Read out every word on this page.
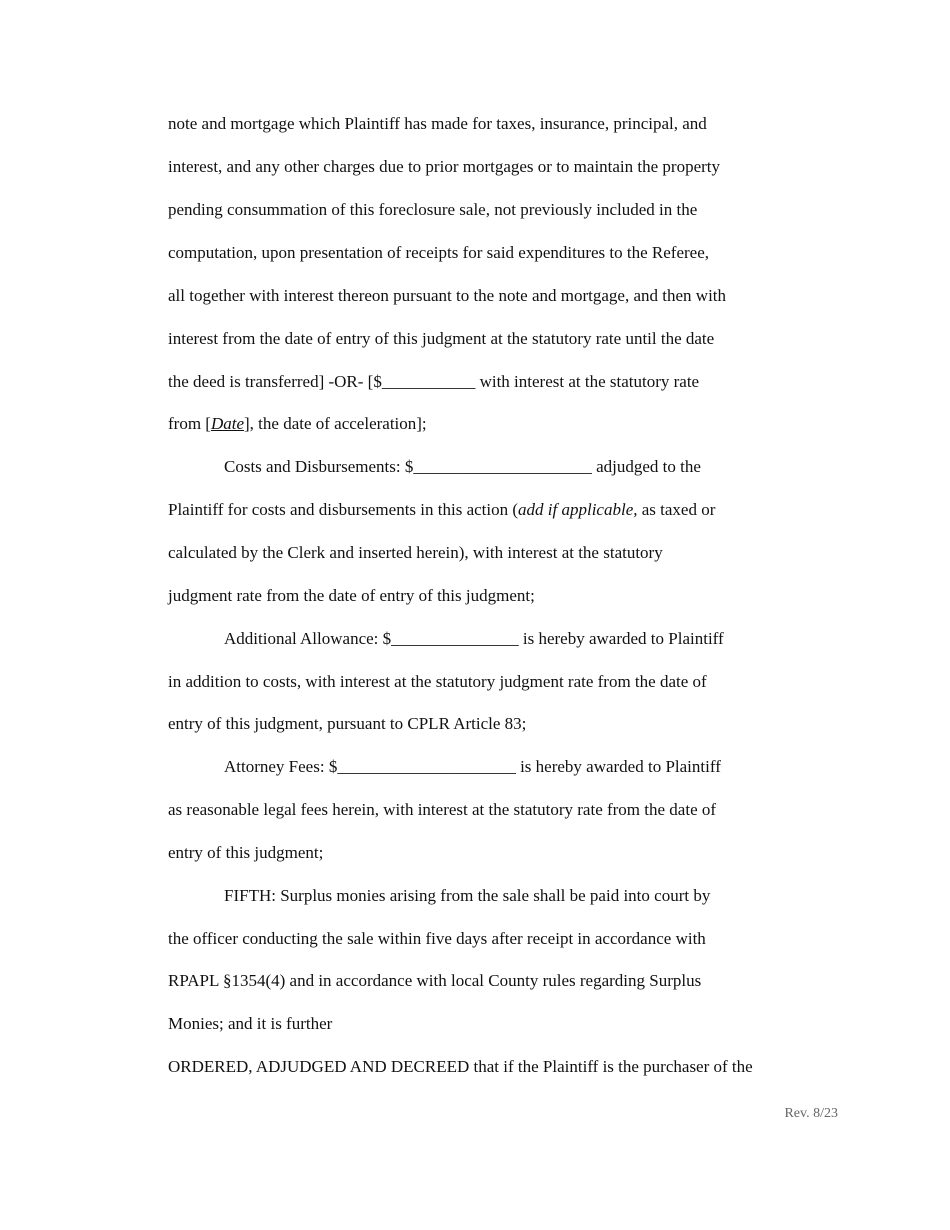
note and mortgage which Plaintiff has made for taxes, insurance, principal, and
interest, and any other charges due to prior mortgages or to maintain the property
pending consummation of this foreclosure sale, not previously included in the
computation, upon presentation of receipts for said expenditures to the Referee,
all together with interest thereon pursuant to the note and mortgage, and then with
interest from the date of entry of this judgment at the statutory rate until the date
the deed is transferred] -OR- [$___________ with interest at the statutory rate
from [Date], the date of acceleration];
Costs and Disbursements: $_____________________ adjudged to the
Plaintiff for costs and disbursements in this action (add if applicable, as taxed or
calculated by the Clerk and inserted herein), with interest at the statutory
judgment rate from the date of entry of this judgment;
Additional Allowance: $_______________ is hereby awarded to Plaintiff
in addition to costs, with interest at the statutory judgment rate from the date of
entry of this judgment, pursuant to CPLR Article 83;
Attorney Fees: $_____________________ is hereby awarded to Plaintiff
as reasonable legal fees herein, with interest at the statutory rate from the date of
entry of this judgment;
FIFTH: Surplus monies arising from the sale shall be paid into court by
the officer conducting the sale within five days after receipt in accordance with
RPAPL §1354(4) and in accordance with local County rules regarding Surplus
Monies; and it is further
ORDERED, ADJUDGED AND DECREED that if the Plaintiff is the purchaser of the
Rev. 8/23
